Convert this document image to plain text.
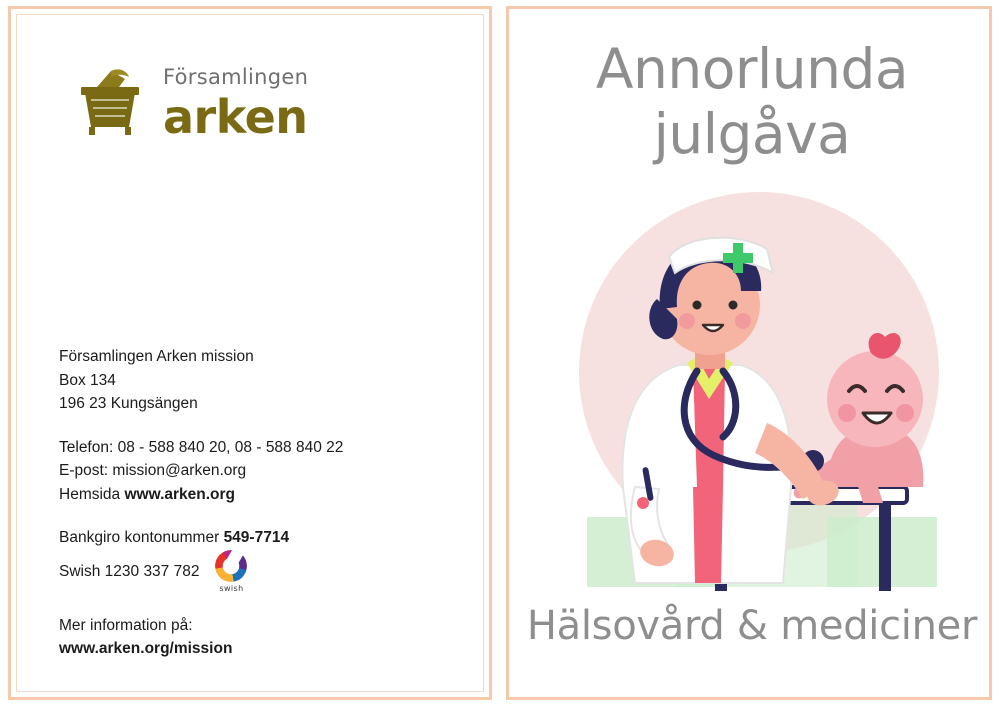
Församlingen
arken
Församlingen Arken mission
Box 134
196 23 Kungsängen
Telefon: 08 - 588 840 20, 08 - 588 840 22
E-post: mission@arken.org
Hemsida www.arken.org
Bankgiro kontonummer 549-7714
Swish 1230 337 782
swish
Mer information på:
www.arken.org/mission
Annorlunda
julgåva
Hälsovård & mediciner
